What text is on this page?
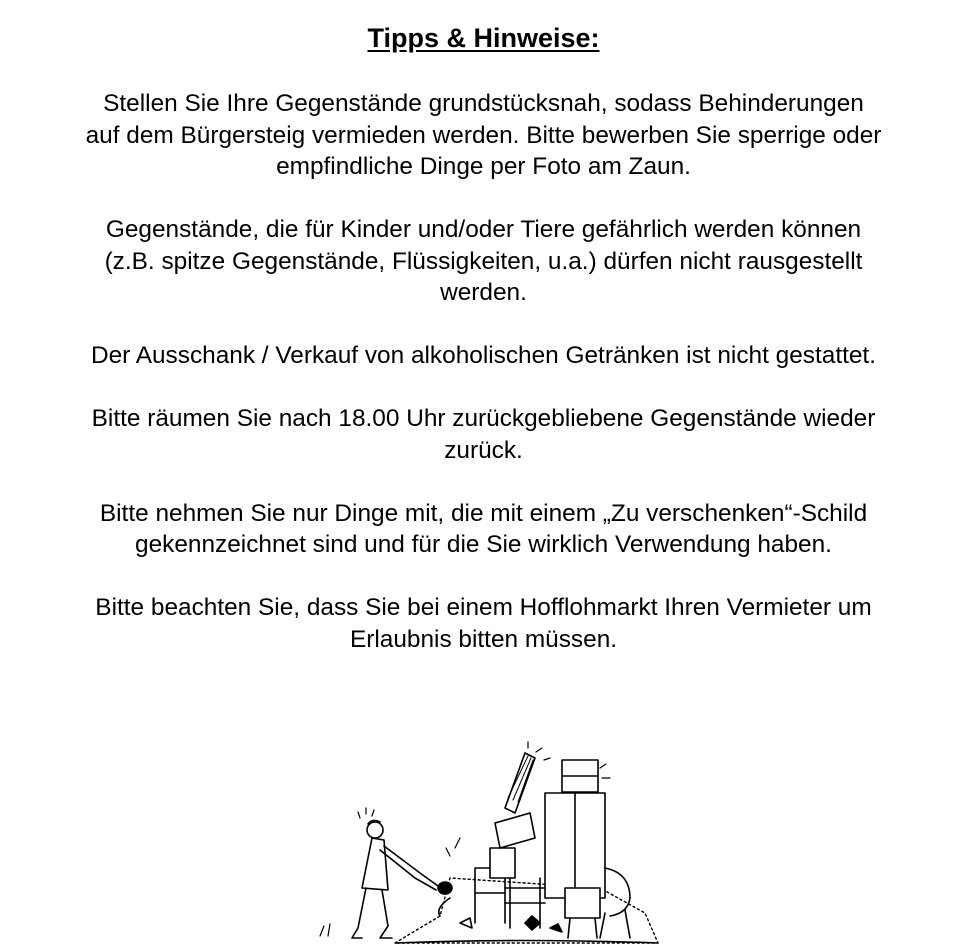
Tipps & Hinweise:

Stellen Sie Ihre Gegenstände grundstücksnah, sodass Behinderungen
auf dem Bürgersteig vermieden werden. Bitte bewerben Sie sperrige oder
empfindliche Dinge per Foto am Zaun.

Gegenstände, die für Kinder und/oder Tiere gefährlich werden können
(z.B. spitze Gegenstände, Flüssigkeiten, u.a.) dürfen nicht rausgestellt
werden.

Der Ausschank / Verkauf von alkoholischen Getränken ist nicht gestattet.

Bitte räumen Sie nach 18.00 Uhr zurückgebliebene Gegenstände wieder
zurück.

Bitte nehmen Sie nur Dinge mit, die mit einem „Zu verschenken“-Schild
gekennzeichnet sind und für die Sie wirklich Verwendung haben.

Bitte beachten Sie, dass Sie bei einem Hofflohmarkt Ihren Vermieter um
Erlaubnis bitten müssen.
